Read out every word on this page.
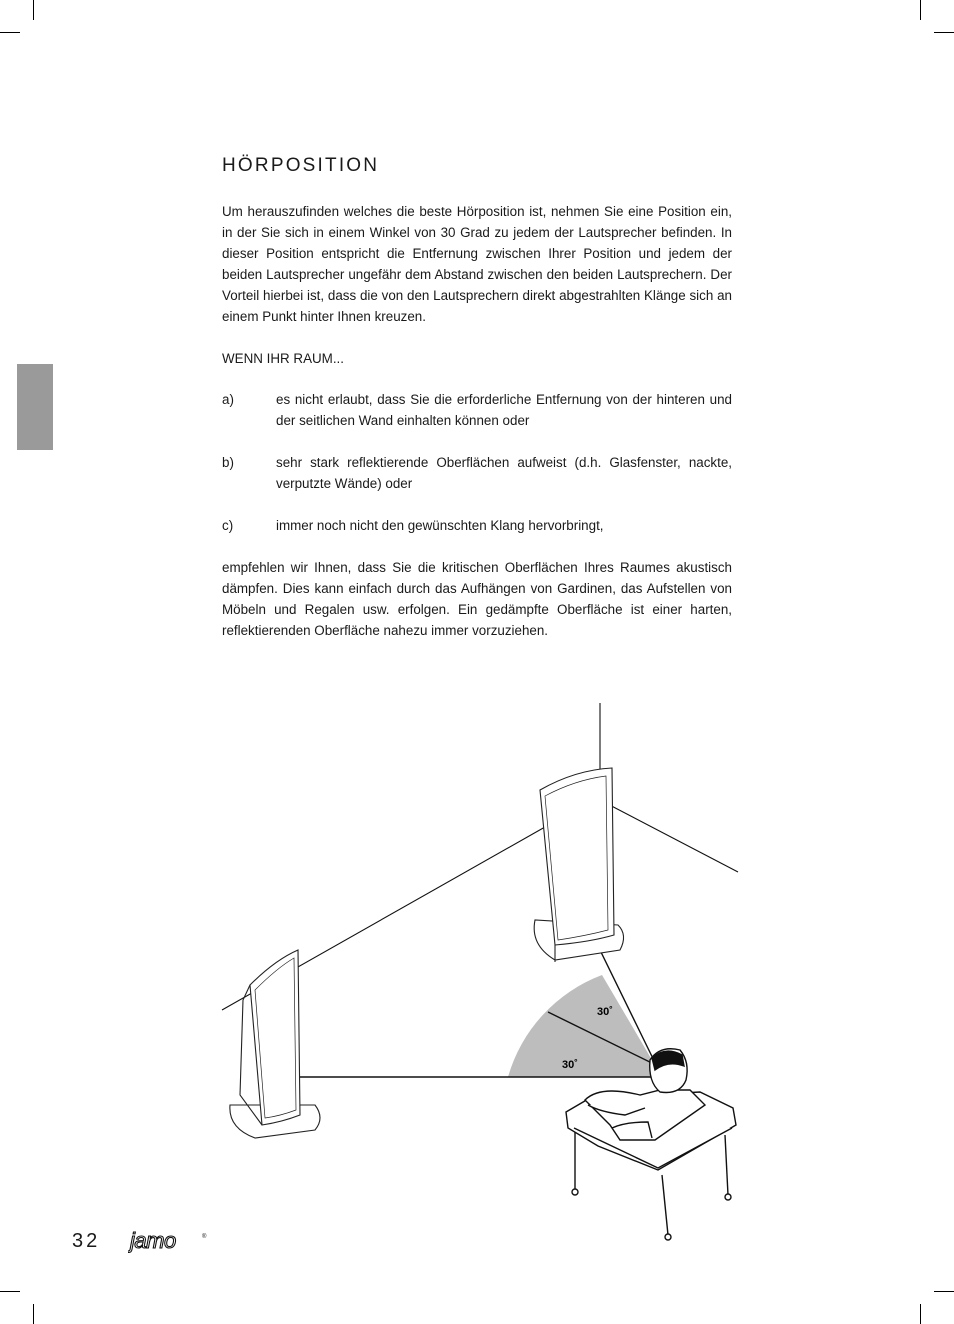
HÖRPOSITION

Um herauszufinden welches die beste Hörposition ist, nehmen Sie eine Position ein, in der Sie sich in einem Winkel von 30 Grad zu jedem der Lautsprecher befinden. In dieser Position entspricht die Entfernung zwischen Ihrer Position und jedem der beiden Lautsprecher ungefähr dem Abstand zwischen den beiden Lautsprechern. Der Vorteil hierbei ist, dass die von den Lautsprechern direkt abgestrahlten Klänge sich an einem Punkt hinter Ihnen kreuzen.

WENN IHR RAUM...
a)	es nicht erlaubt, dass Sie die erforderliche Entfernung von der hinteren und der seitlichen Wand einhalten können oder
b)	sehr stark reflektierende Oberflächen aufweist (d.h. Glasfenster, nackte, verputzte Wände) oder
c)	immer noch nicht den gewünschten Klang hervorbringt,

empfehlen wir Ihnen, dass Sie die kritischen Oberflächen Ihres Raumes akustisch dämpfen. Dies kann einfach durch das Aufhängen von Gardinen, das Aufstellen von Möbeln und Regalen usw. erfolgen. Ein gedämpfte Oberfläche ist einer harten, reflektierenden Oberfläche nahezu immer vorzuziehen.

30˚
30˚
32 jamo	®
